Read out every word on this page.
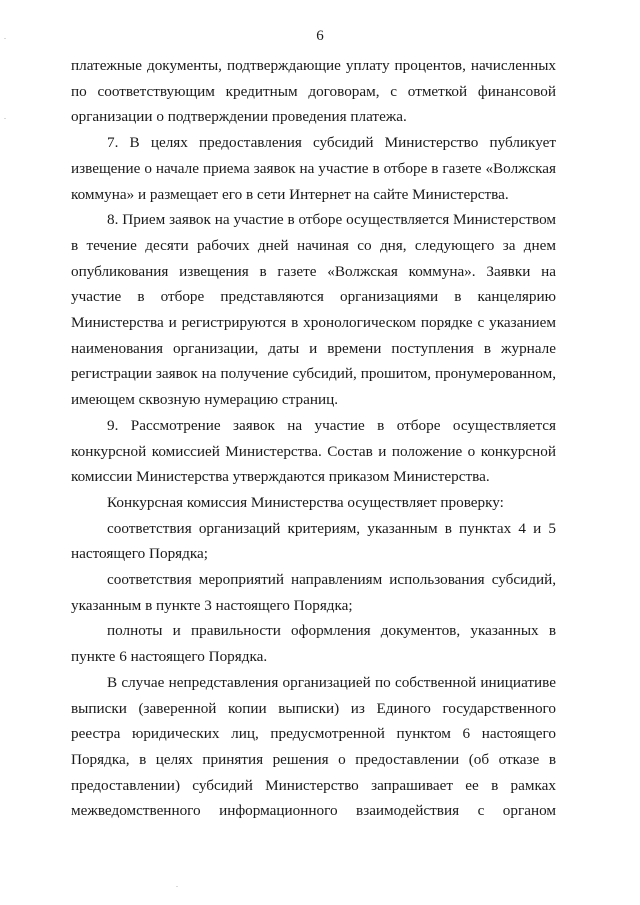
6

платежные документы, подтверждающие уплату процентов, начисленных по соответствующим кредитным договорам, с отметкой финансовой организации о подтверждении проведения платежа.

7. В целях предоставления субсидий Министерство публикует извещение о начале приема заявок на участие в отборе в газете «Волжская коммуна» и размещает его в сети Интернет на сайте Министерства.

8. Прием заявок на участие в отборе осуществляется Министерством в течение десяти рабочих дней начиная со дня, следующего за днем опубликования извещения в газете «Волжская коммуна». Заявки на участие в отборе представляются организациями в канцелярию Министерства и регистрируются в хронологическом порядке с указанием наименования организации, даты и времени поступления в журнале регистрации заявок на получение субсидий, прошитом, пронумерованном, имеющем сквозную нумерацию страниц.

9. Рассмотрение заявок на участие в отборе осуществляется конкурсной комиссией Министерства. Состав и положение о конкурсной комиссии Министерства утверждаются приказом Министерства.

Конкурсная комиссия Министерства осуществляет проверку:

соответствия организаций критериям, указанным в пунктах 4 и 5 настоящего Порядка;

соответствия мероприятий направлениям использования субсидий, указанным в пункте 3 настоящего Порядка;

полноты и правильности оформления документов, указанных в пункте 6 настоящего Порядка.

В случае непредставления организацией по собственной инициативе выписки (заверенной копии выписки) из Единого государственного реестра юридических лиц, предусмотренной пунктом 6 настоящего Порядка, в целях принятия решения о предоставлении (об отказе в предоставлении) субсидий Министерство запрашивает ее в рамках межведомственного информационного взаимодействия с органом
